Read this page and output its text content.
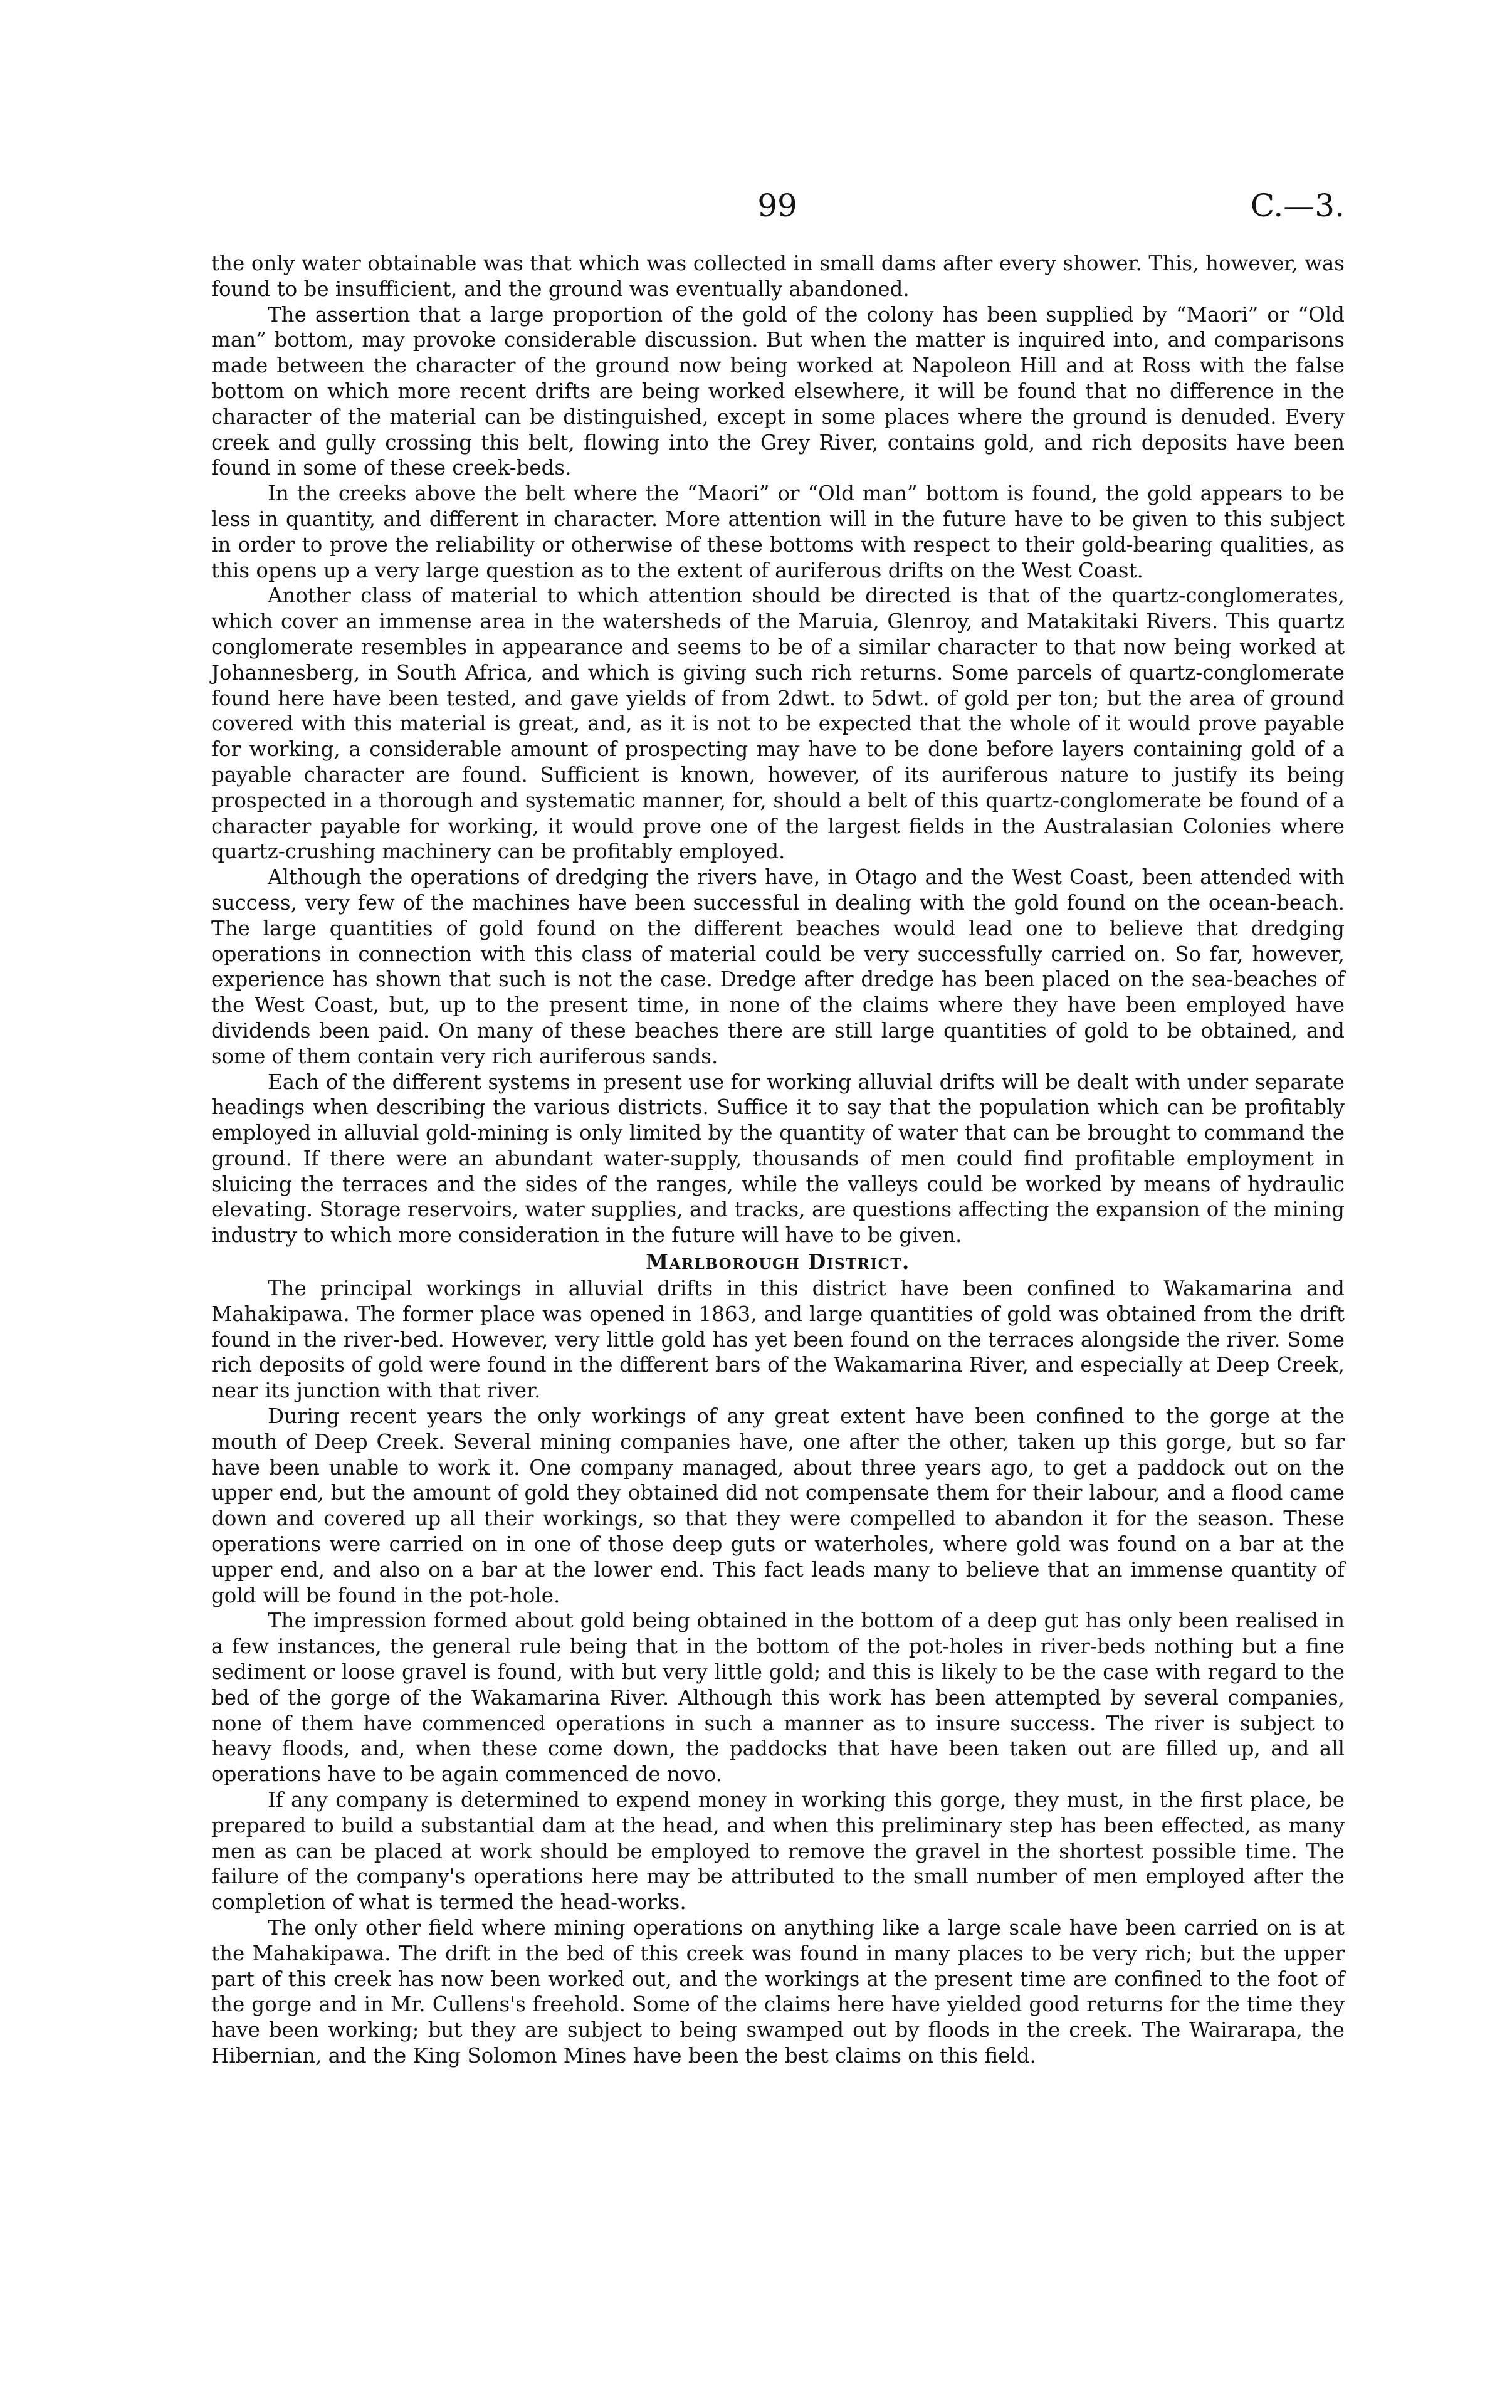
99	C.—3.

the only water obtainable was that which was collected in small dams after every shower. This, however, was found to be insufficient, and the ground was eventually abandoned.

The assertion that a large proportion of the gold of the colony has been supplied by “Maori” or “Old man” bottom, may provoke considerable discussion. But when the matter is inquired into, and comparisons made between the character of the ground now being worked at Napoleon Hill and at Ross with the false bottom on which more recent drifts are being worked elsewhere, it will be found that no difference in the character of the material can be distinguished, except in some places where the ground is denuded. Every creek and gully crossing this belt, flowing into the Grey River, contains gold, and rich deposits have been found in some of these creek-beds.

In the creeks above the belt where the “Maori” or “Old man” bottom is found, the gold appears to be less in quantity, and different in character. More attention will in the future have to be given to this subject in order to prove the reliability or otherwise of these bottoms with respect to their gold-bearing qualities, as this opens up a very large question as to the extent of auriferous drifts on the West Coast.

Another class of material to which attention should be directed is that of the quartz-conglomerates, which cover an immense area in the watersheds of the Maruia, Glenroy, and Matakitaki Rivers. This quartz conglomerate resembles in appearance and seems to be of a similar character to that now being worked at Johannesberg, in South Africa, and which is giving such rich returns. Some parcels of quartz-conglomerate found here have been tested, and gave yields of from 2dwt. to 5dwt. of gold per ton; but the area of ground covered with this material is great, and, as it is not to be expected that the whole of it would prove payable for working, a considerable amount of prospecting may have to be done before layers containing gold of a payable character are found. Sufficient is known, however, of its auriferous nature to justify its being prospected in a thorough and systematic manner, for, should a belt of this quartz-conglomerate be found of a character payable for working, it would prove one of the largest fields in the Australasian Colonies where quartz-crushing machinery can be profitably employed.

Although the operations of dredging the rivers have, in Otago and the West Coast, been attended with success, very few of the machines have been successful in dealing with the gold found on the ocean-beach. The large quantities of gold found on the different beaches would lead one to believe that dredging operations in connection with this class of material could be very successfully carried on. So far, however, experience has shown that such is not the case. Dredge after dredge has been placed on the sea-beaches of the West Coast, but, up to the present time, in none of the claims where they have been employed have dividends been paid. On many of these beaches there are still large quantities of gold to be obtained, and some of them contain very rich auriferous sands.

Each of the different systems in present use for working alluvial drifts will be dealt with under separate headings when describing the various districts. Suffice it to say that the population which can be profitably employed in alluvial gold-mining is only limited by the quantity of water that can be brought to command the ground. If there were an abundant water-supply, thousands of men could find profitable employment in sluicing the terraces and the sides of the ranges, while the valleys could be worked by means of hydraulic elevating. Storage reservoirs, water supplies, and tracks, are questions affecting the expansion of the mining industry to which more consideration in the future will have to be given.

Marlborough District.

The principal workings in alluvial drifts in this district have been confined to Wakamarina and Mahakipawa. The former place was opened in 1863, and large quantities of gold was obtained from the drift found in the river-bed. However, very little gold has yet been found on the terraces alongside the river. Some rich deposits of gold were found in the different bars of the Wakamarina River, and especially at Deep Creek, near its junction with that river.

During recent years the only workings of any great extent have been confined to the gorge at the mouth of Deep Creek. Several mining companies have, one after the other, taken up this gorge, but so far have been unable to work it. One company managed, about three years ago, to get a paddock out on the upper end, but the amount of gold they obtained did not compensate them for their labour, and a flood came down and covered up all their workings, so that they were compelled to abandon it for the season. These operations were carried on in one of those deep guts or waterholes, where gold was found on a bar at the upper end, and also on a bar at the lower end. This fact leads many to believe that an immense quantity of gold will be found in the pot-hole.

The impression formed about gold being obtained in the bottom of a deep gut has only been realised in a few instances, the general rule being that in the bottom of the pot-holes in river-beds nothing but a fine sediment or loose gravel is found, with but very little gold; and this is likely to be the case with regard to the bed of the gorge of the Wakamarina River. Although this work has been attempted by several companies, none of them have commenced operations in such a manner as to insure success. The river is subject to heavy floods, and, when these come down, the paddocks that have been taken out are filled up, and all operations have to be again commenced de novo.

If any company is determined to expend money in working this gorge, they must, in the first place, be prepared to build a substantial dam at the head, and when this preliminary step has been effected, as many men as can be placed at work should be employed to remove the gravel in the shortest possible time. The failure of the company's operations here may be attributed to the small number of men employed after the completion of what is termed the head-works.

The only other field where mining operations on anything like a large scale have been carried on is at the Mahakipawa. The drift in the bed of this creek was found in many places to be very rich; but the upper part of this creek has now been worked out, and the workings at the present time are confined to the foot of the gorge and in Mr. Cullens's freehold. Some of the claims here have yielded good returns for the time they have been working; but they are subject to being swamped out by floods in the creek. The Wairarapa, the Hibernian, and the King Solomon Mines have been the best claims on this field.
